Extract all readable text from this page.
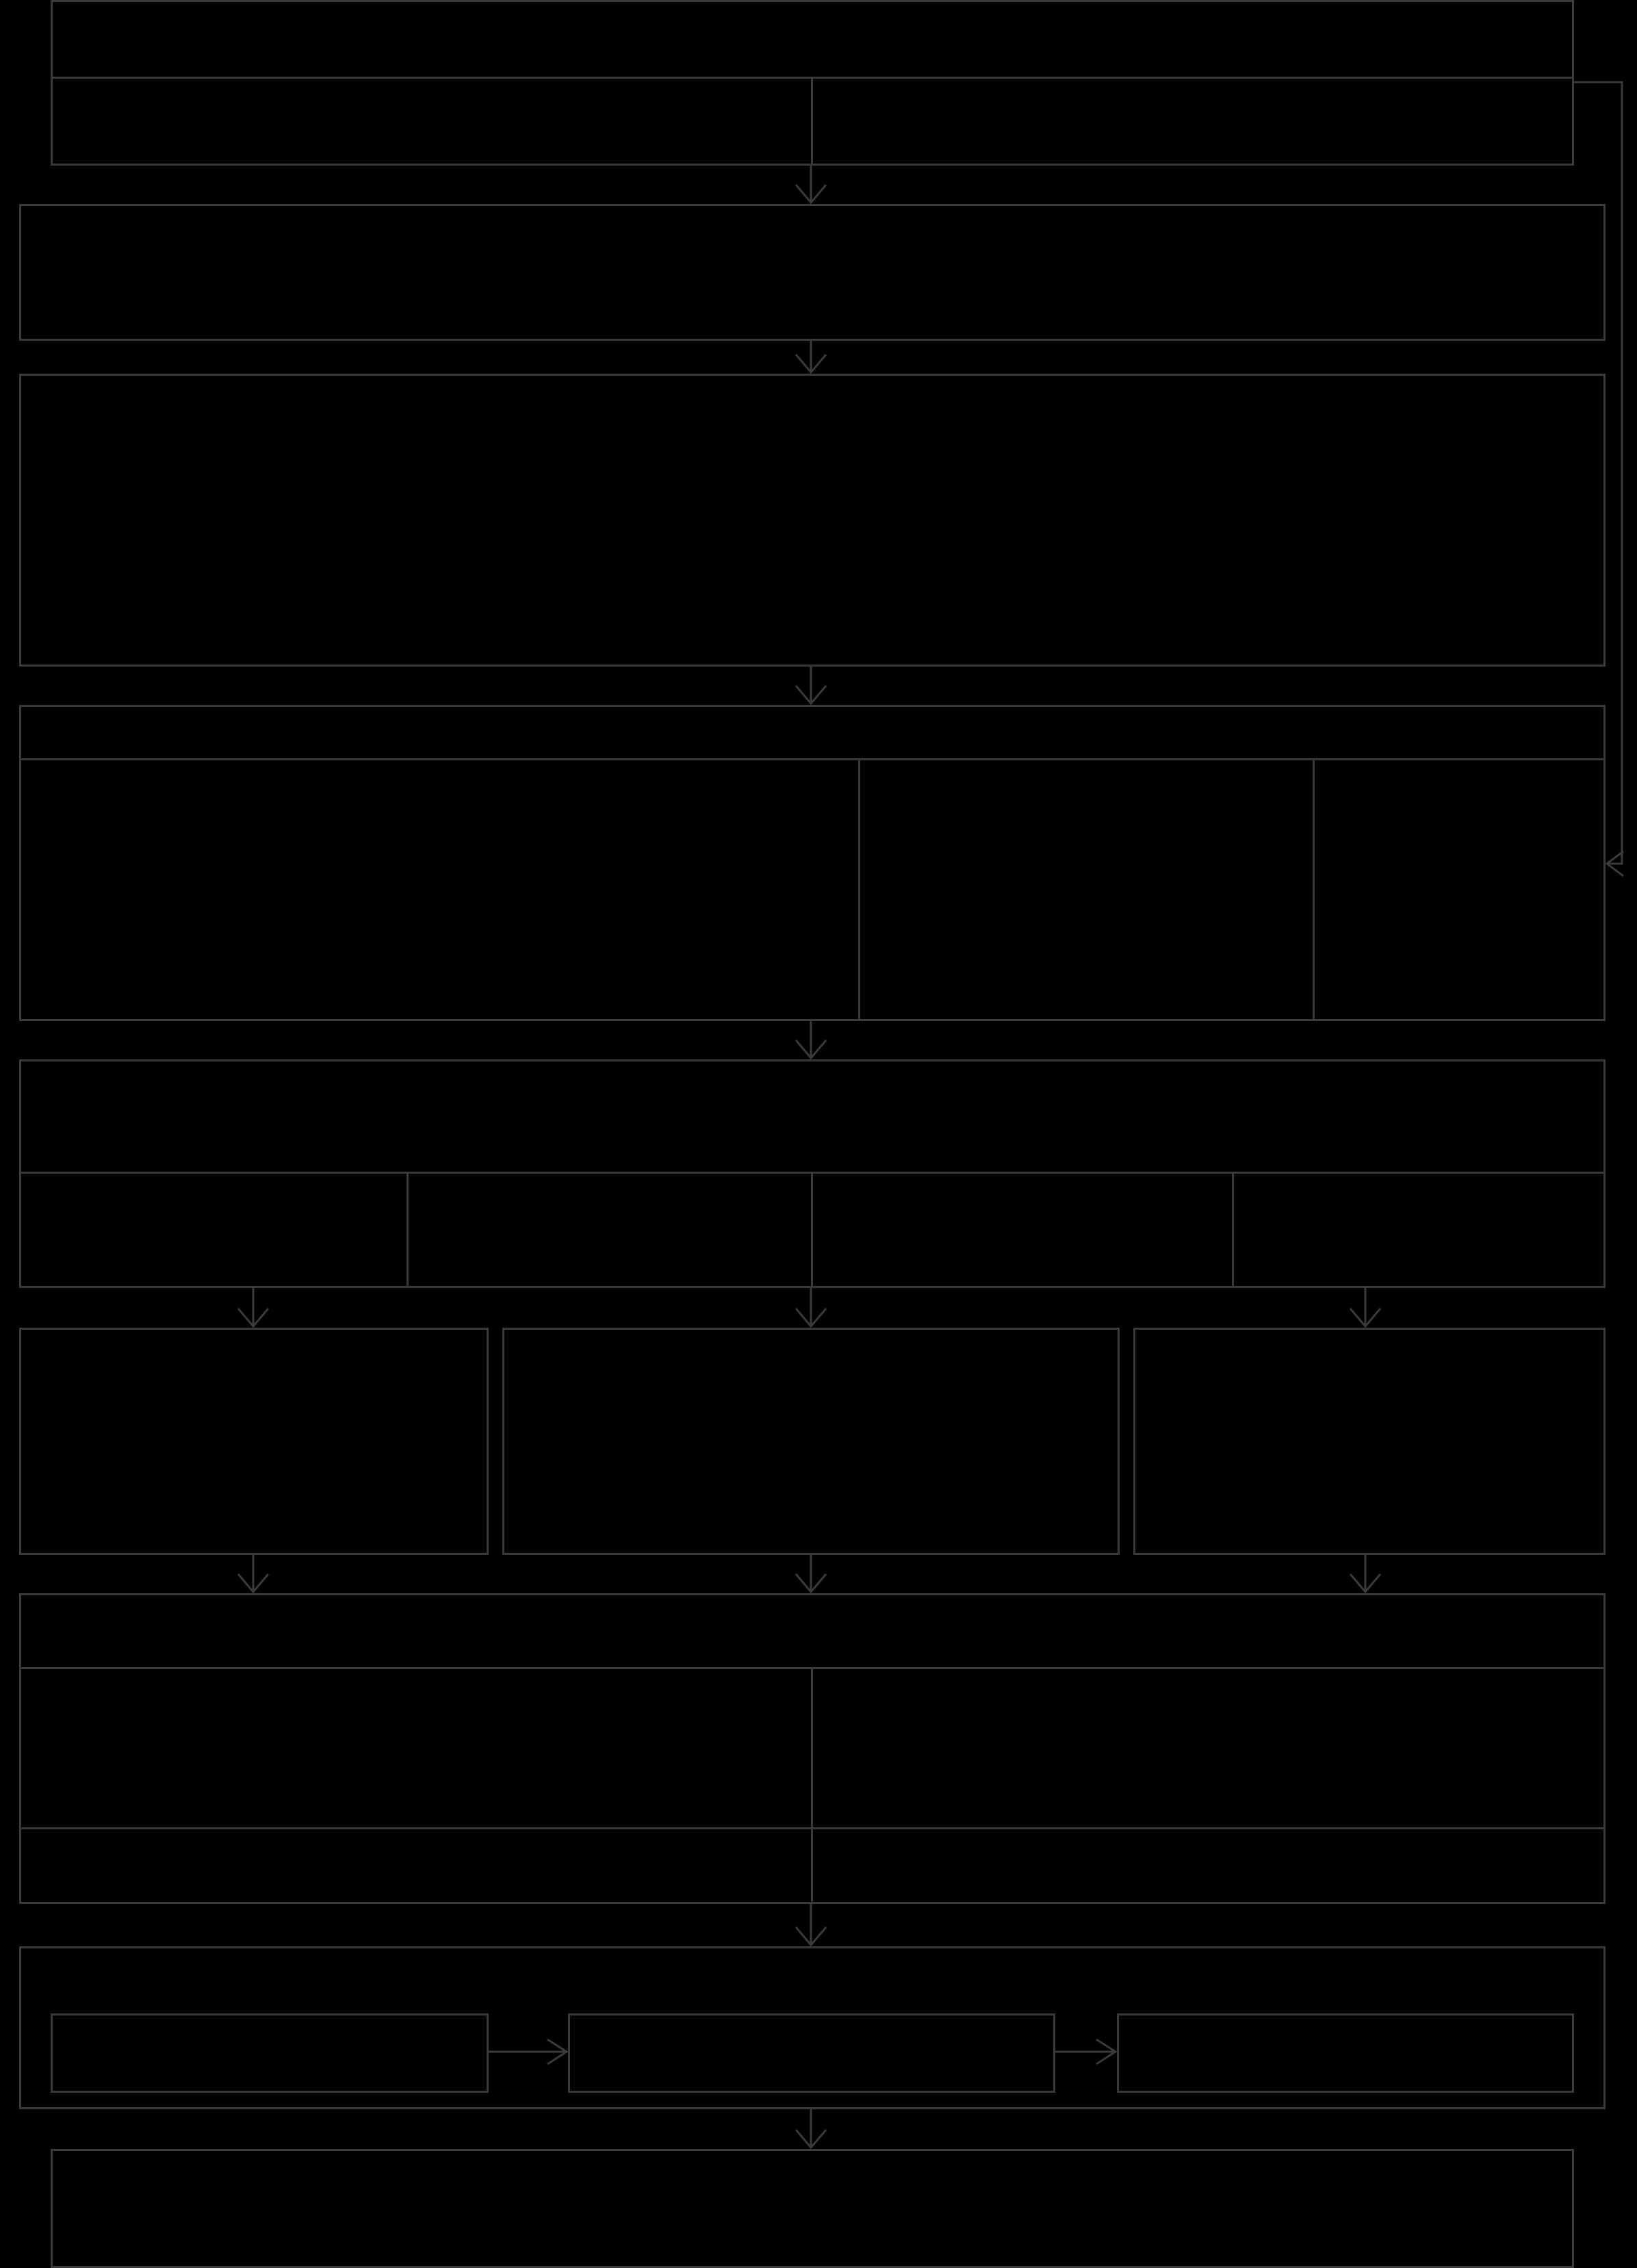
Социальный заказ на подготовку инженера пожарной безопасности
Требования образовательного стандарта	Требования работодателей
Цель – профессиональная подготовка специалистов в области пожарной безопасности
на основе внедрения в образовательный процесс компетентностно-ориентированного дидактического
сопровождения с использованием компьютерного моделирования
Задачи:
○ анализ социального заказа и видов профессиональной деятельности инженера пожарной безопасности
○ построение профессиограммы инженера пожарной безопасности
○ выявление организационно-педагогических условий профессиональной подготовки инженера пожарной
безопасности
○ педагогическое проектирование специальной дисциплины с использованием компьютерного моделирования
○ внедрение и апробация разработанного компетентностно-ориентированного дидактического сопровождения
дисциплины на основе компьютерного моделирования
Организационно-педагогические условия профессиональной подготовки
Переход от традиционного дидактического
сопровождения, направленного на формирование ЗУН,
к компетентностно-ориентированному,
предполагающему формирование всех необходимых
компетенций инженера пожарной безопасности
в соответствии с видами будущей
профессиональной деятельности
Интеграционная
целостность процесса
подготовки инженера
пожарной безопасности с
учетом профессиональной
направленности его
содержания
Построение
образовательного
процесса на
основе
контекстного
обучения
КОМПЕТЕНТНОСТНО-ОРИЕНТИРОВАННОЕ ДИДАКТИЧЕСКОЕ СОПРОВОЖДЕНИЕ
НА ОСНОВЕ КОМПЬЮТЕРНОГО МОДЕЛИРОВАНИЯ
Планово-
нормативный блок
Учебно-
методический блок
Оценочно-
контролирующий блок
Ресурсный
блок
Формы обучения:
○ лекции
○ практические занятия
○ лабораторные работы
○ курсовое проектирование
Методы обучения:
○ вербальный
○ интерактивный
○ исследовательский
○ демонстрационный
○ тренинг
○ проблемный
○ кейс-методы
Формы контроля:
○ мониторинг
○ диагностика
○ анализ
○ самодиагностика
○ самокоррекция
Компоненты профессионально-специализированных компетенций
В области проектно-конструкторской
деятельности
В области научно-исследовательской
деятельности
В области сервисно-эксплуатационной
деятельности
В области организационно-управленческой
деятельности
В области производственно-технологической
деятельности
В области экспертной, надзорной и инспекционно-
аудиторской деятельности
Уровни сформированности профессионально-специализированных компетенций
Пороговый (недопустимый)	Продуктивный	Продвинутый
Результат – инженер пожарной безопасности,
подготовленный к профессиональной деятельности
